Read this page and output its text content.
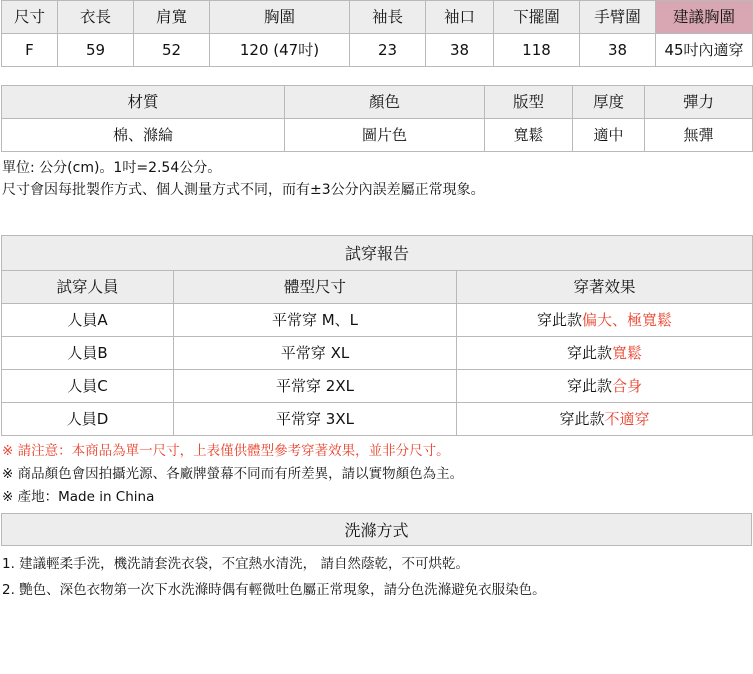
尺寸	衣長	肩寬	胸圍	袖長	袖口	下擺圍	手臂圍	建議胸圍
F	59	52	120 (47吋)	23	38	118	38	45吋內適穿
材質	顏色	版型	厚度	彈力
棉、滌綸	圖片色	寬鬆	適中	無彈
單位: 公分(cm)。1吋=2.54公分。
尺寸會因每批製作方式、個人測量方式不同，而有±3公分內誤差屬正常現象。
試穿報告		
試穿人員	體型尺寸	穿著效果
人員A	平常穿 M、L	穿此款偏大、極寬鬆
人員B	平常穿 XL	穿此款寬鬆
人員C	平常穿 2XL	穿此款合身
人員D	平常穿 3XL	穿此款不適穿
※ 請注意：本商品為單一尺寸，上表僅供體型參考穿著效果，並非分尺寸。
※ 商品顏色會因拍攝光源、各廠牌螢幕不同而有所差異，請以實物顏色為主。
※ 產地：Made in China
洗滌方式
1. 建議輕柔手洗，機洗請套洗衣袋，不宜熱水清洗， 請自然蔭乾，不可烘乾。
2. 艷色、深色衣物第一次下水洗滌時偶有輕微吐色屬正常現象，請分色洗滌避免衣服染色。
